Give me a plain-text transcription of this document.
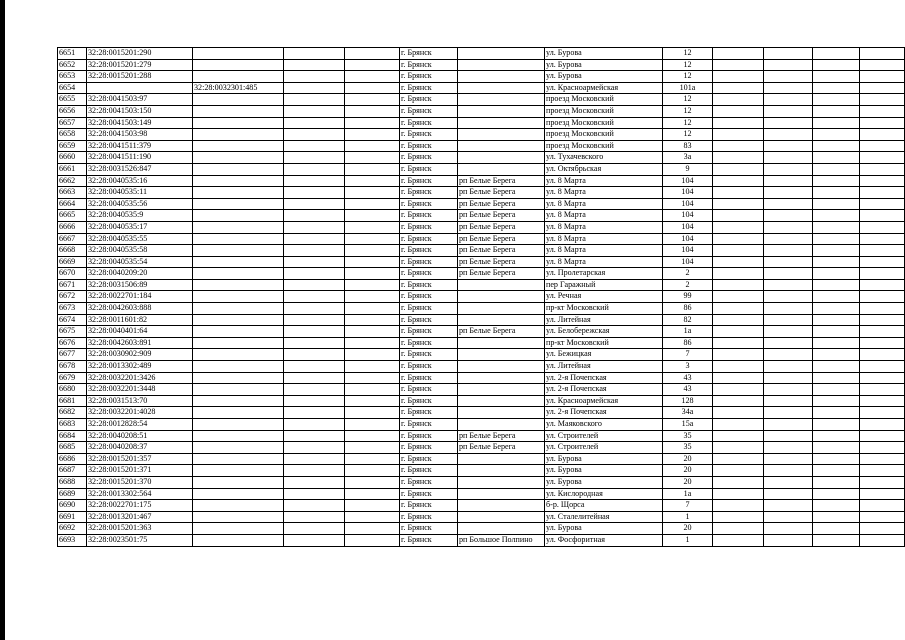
6651	32:28:0015201:290				г. Брянск		ул. Бурова	12				
6652	32:28:0015201:279				г. Брянск		ул. Бурова	12				
6653	32:28:0015201:288				г. Брянск		ул. Бурова	12				
6654		32:28:0032301:485			г. Брянск		ул. Красноармейская	101а				
6655	32:28:0041503:97				г. Брянск		проезд Московский	12				
6656	32:28:0041503:150				г. Брянск		проезд Московский	12				
6657	32:28:0041503:149				г. Брянск		проезд Московский	12				
6658	32:28:0041503:98				г. Брянск		проезд Московский	12				
6659	32:28:0041511:379				г. Брянск		проезд Московский	83				
6660	32:28:0041511:190				г. Брянск		ул. Тухачевского	3а				
6661	32:28:0031526:847				г. Брянск		ул. Октябрьская	9				
6662	32:28:0040535:16				г. Брянск	рп Белые Берега	ул. 8 Марта	104				
6663	32:28:0040535:11				г. Брянск	рп Белые Берега	ул. 8 Марта	104				
6664	32:28:0040535:56				г. Брянск	рп Белые Берега	ул. 8 Марта	104				
6665	32:28:0040535:9				г. Брянск	рп Белые Берега	ул. 8 Марта	104				
6666	32:28:0040535:17				г. Брянск	рп Белые Берега	ул. 8 Марта	104				
6667	32:28:0040535:55				г. Брянск	рп Белые Берега	ул. 8 Марта	104				
6668	32:28:0040535:58				г. Брянск	рп Белые Берега	ул. 8 Марта	104				
6669	32:28:0040535:54				г. Брянск	рп Белые Берега	ул. 8 Марта	104				
6670	32:28:0040209:20				г. Брянск	рп Белые Берега	ул. Пролетарская	2				
6671	32:28:0031506:89				г. Брянск		пер Гаражный	2				
6672	32:28:0022701:184				г. Брянск		ул. Речная	99				
6673	32:28:0042603:888				г. Брянск		пр-кт Московский	86				
6674	32:28:0011601:82				г. Брянск		ул. Литейная	82				
6675	32:28:0040401:64				г. Брянск	рп Белые Берега	ул. Белобережская	1а				
6676	32:28:0042603:891				г. Брянск		пр-кт Московский	86				
6677	32:28:0030902:909				г. Брянск		ул. Бежицкая	7				
6678	32:28:0013302:489				г. Брянск		ул. Литейная	3				
6679	32:28:0032201:3426				г. Брянск		ул. 2-я Почепская	43				
6680	32:28:0032201:3448				г. Брянск		ул. 2-я Почепская	43				
6681	32:28:0031513:70				г. Брянск		ул. Красноармейская	128				
6682	32:28:0032201:4028				г. Брянск		ул. 2-я Почепская	34а				
6683	32:28:0012828:54				г. Брянск		ул. Маяковского	15а				
6684	32:28:0040208:51				г. Брянск	рп Белые Берега	ул. Строителей	35				
6685	32:28:0040208:37				г. Брянск	рп Белые Берега	ул. Строителей	35				
6686	32:28:0015201:357				г. Брянск		ул. Бурова	20				
6687	32:28:0015201:371				г. Брянск		ул. Бурова	20				
6688	32:28:0015201:370				г. Брянск		ул. Бурова	20				
6689	32:28:0013302:564				г. Брянск		ул. Кислородная	1а				
6690	32:28:0022701:175				г. Брянск		б-р. Щорса	7				
6691	32:28:0013201:467				г. Брянск		ул. Сталелитейная	1				
6692	32:28:0015201:363				г. Брянск		ул. Бурова	20				
6693	32:28:0023501:75				г. Брянск	рп Большое Полпино	ул. Фосфоритная	1				
